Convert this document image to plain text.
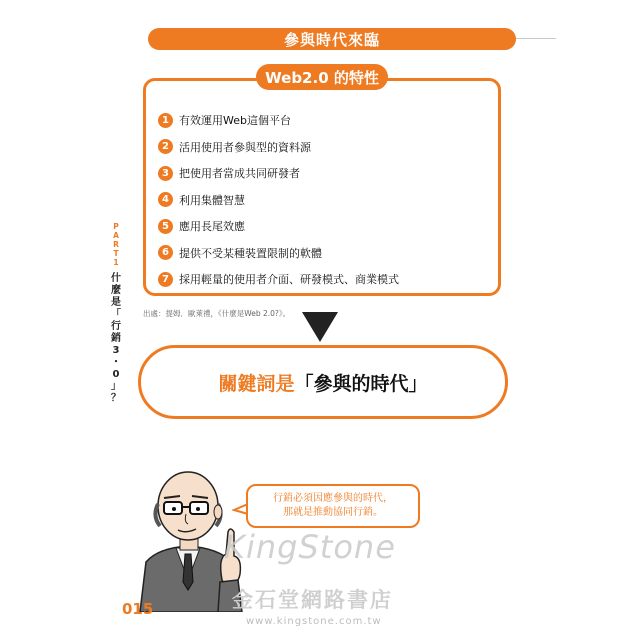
參與時代來臨
Web2.0 的特性
1 有效運用Web這個平台
2 活用使用者參與型的資料源
3 把使用者當成共同研發者
4 利用集體智慧
5 應用長尾效應
6 提供不受某種裝置限制的軟體
7 採用輕量的使用者介面、研發模式、商業模式
出處：提姆．歐萊禮，《什麼是Web 2.0?》。
關鍵詞是 「參與的時代」
P
A
R
T
1
什
麼
是
「
行
銷
3
・
0
」
？
行銷必須因應參與的時代，
那就是推動協同行銷。
KingStone
金石堂網路書店
www.kingstone.com.tw
015
